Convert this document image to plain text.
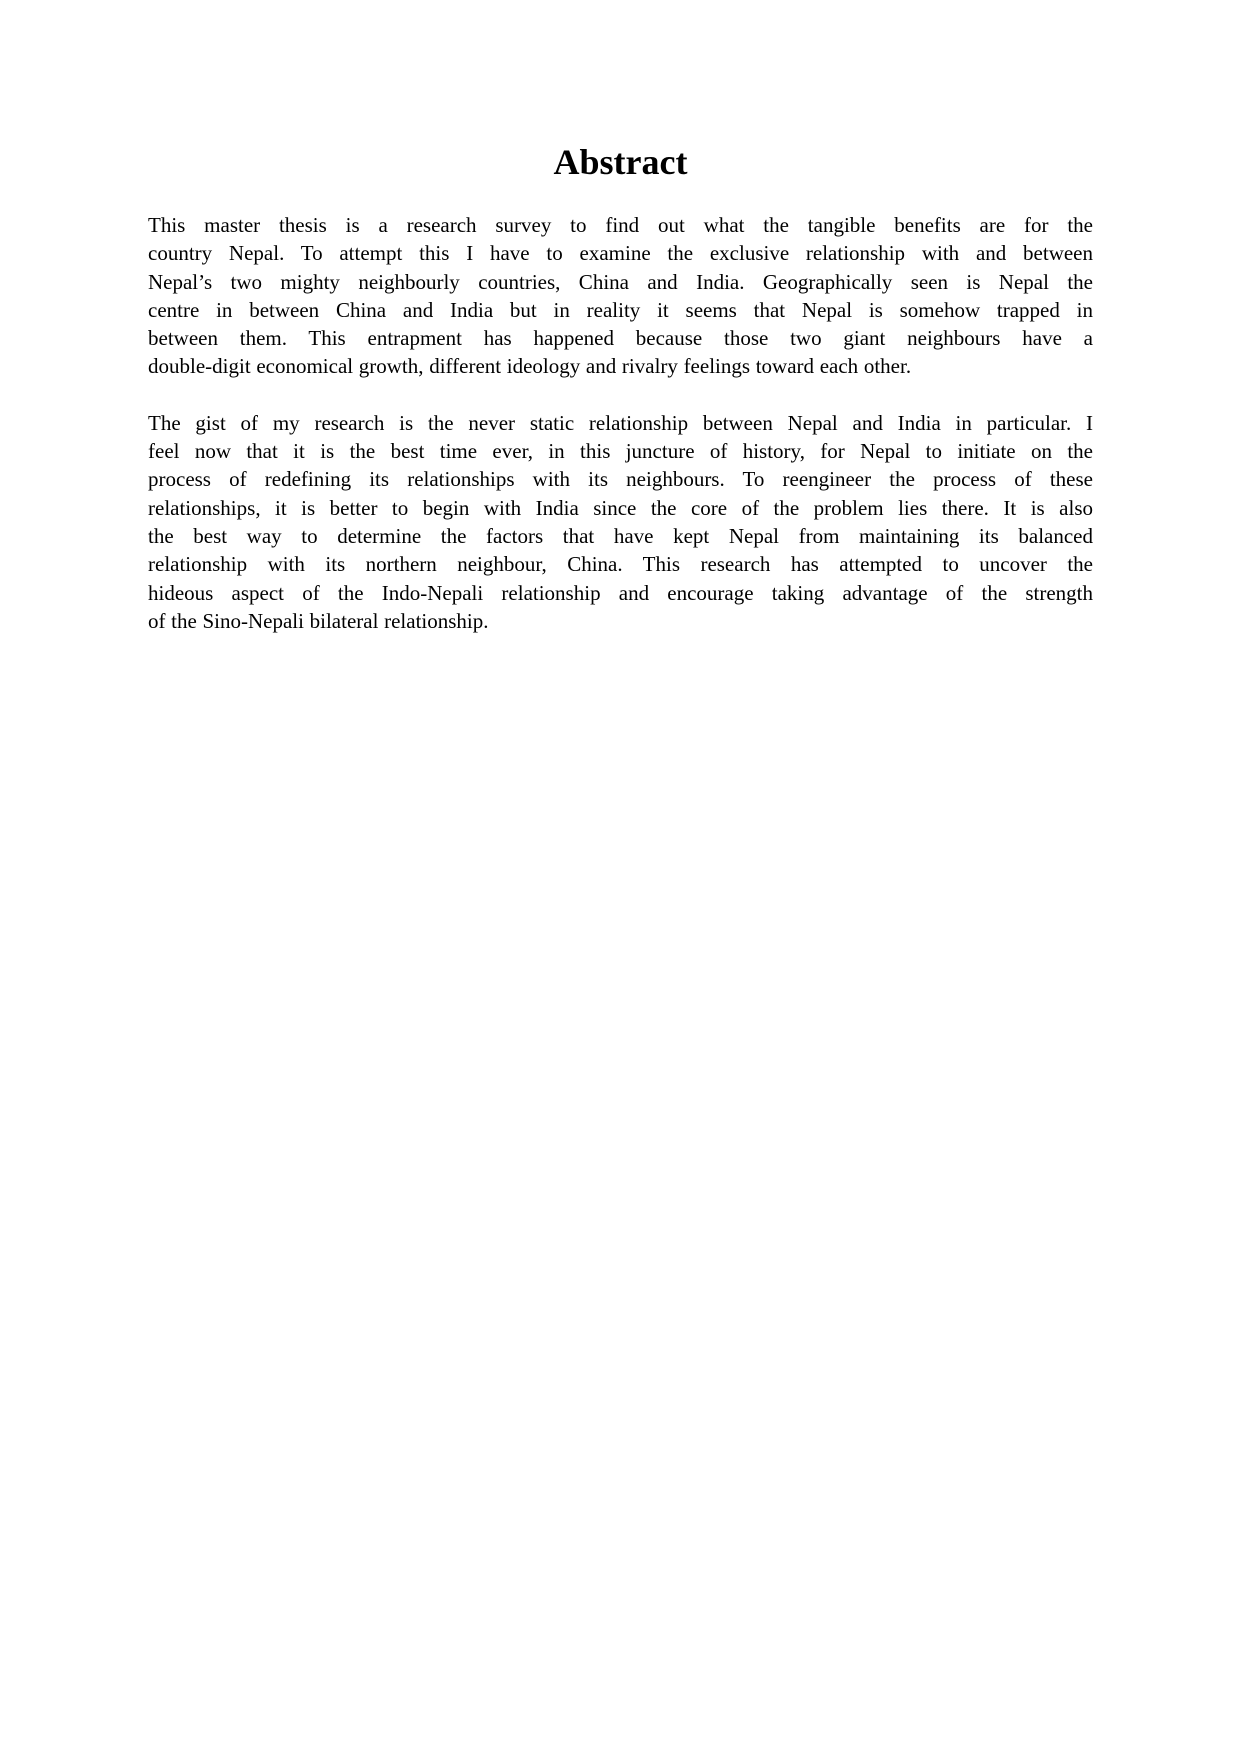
Abstract

This master thesis is a research survey to find out what the tangible benefits are for the
country Nepal. To attempt this I have to examine the exclusive relationship with and between
Nepal’s two mighty neighbourly countries, China and India. Geographically seen is Nepal the
centre in between China and India but in reality it seems that Nepal is somehow trapped in
between them. This entrapment has happened because those two giant neighbours have a
double-digit economical growth, different ideology and rivalry feelings toward each other.

The gist of my research is the never static relationship between Nepal and India in particular. I
feel now that it is the best time ever, in this juncture of history, for Nepal to initiate on the
process of redefining its relationships with its neighbours. To reengineer the process of these
relationships, it is better to begin with India since the core of the problem lies there. It is also
the best way to determine the factors that have kept Nepal from maintaining its balanced
relationship with its northern neighbour, China. This research has attempted to uncover the
hideous aspect of the Indo-Nepali relationship and encourage taking advantage of the strength
of the Sino-Nepali bilateral relationship.
